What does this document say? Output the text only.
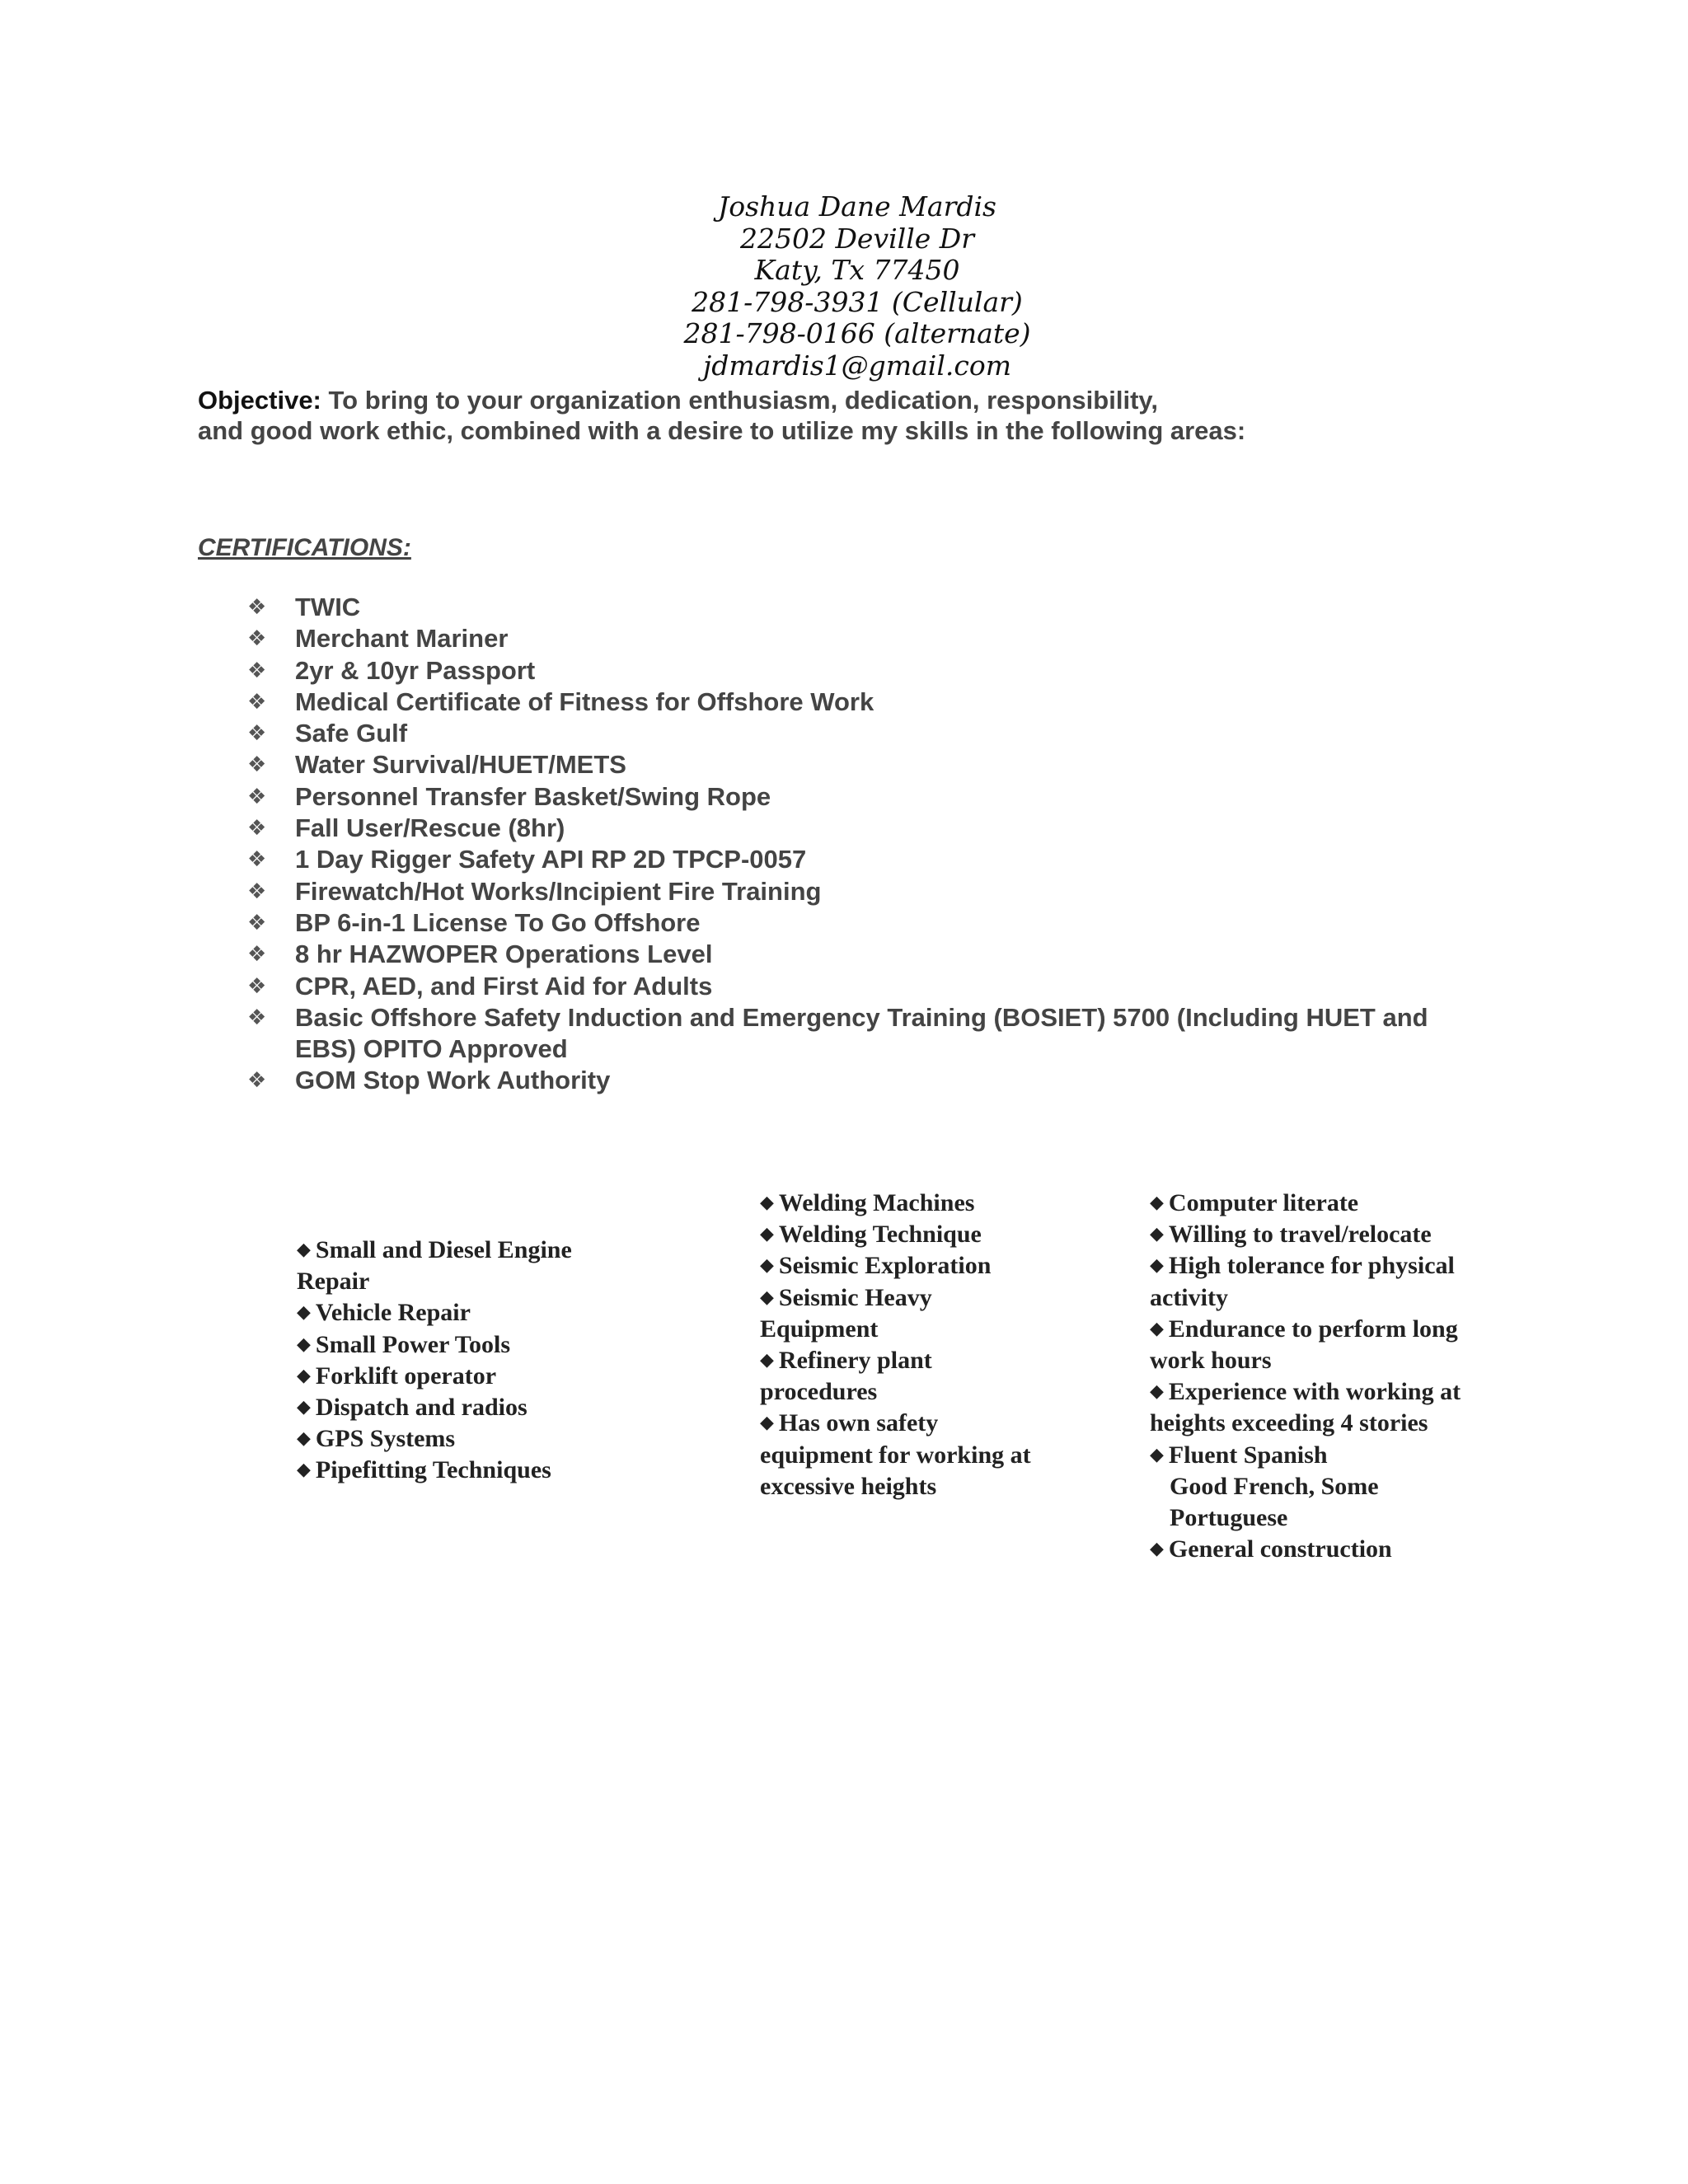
Joshua Dane Mardis
22502 Deville Dr
Katy, Tx 77450
281-798-3931 (Cellular)
281-798-0166 (alternate)
jdmardis1@gmail.com
Objective: To bring to your organization enthusiasm, dedication, responsibility,
and good work ethic, combined with a desire to utilize my skills in the following areas:
CERTIFICATIONS:
❖ TWIC
❖ Merchant Mariner
❖ 2yr & 10yr Passport
❖ Medical Certificate of Fitness for Offshore Work
❖ Safe Gulf
❖ Water Survival/HUET/METS
❖ Personnel Transfer Basket/Swing Rope
❖ Fall User/Rescue (8hr)
❖ 1 Day Rigger Safety API RP 2D TPCP-0057
❖ Firewatch/Hot Works/Incipient Fire Training
❖ BP 6-in-1 License To Go Offshore
❖ 8 hr HAZWOPER Operations Level
❖ CPR, AED, and First Aid for Adults
❖ Basic Offshore Safety Induction and Emergency Training (BOSIET) 5700 (Including HUET and EBS) OPITO Approved
❖ GOM Stop Work Authority
◆ Small and Diesel Engine Repair
◆ Vehicle Repair
◆ Small Power Tools
◆ Forklift operator
◆ Dispatch and radios
◆ GPS Systems
◆ Pipefitting Techniques
◆ Welding Machines
◆ Welding Technique
◆ Seismic Exploration
◆ Seismic Heavy Equipment
◆ Refinery plant procedures
◆ Has own safety equipment for working at excessive heights
◆ Computer literate
◆ Willing to travel/relocate
◆ High tolerance for physical activity
◆ Endurance to perform long work hours
◆ Experience with working at heights exceeding 4 stories
◆ Fluent Spanish
Good French, Some Portuguese
◆ General construction
